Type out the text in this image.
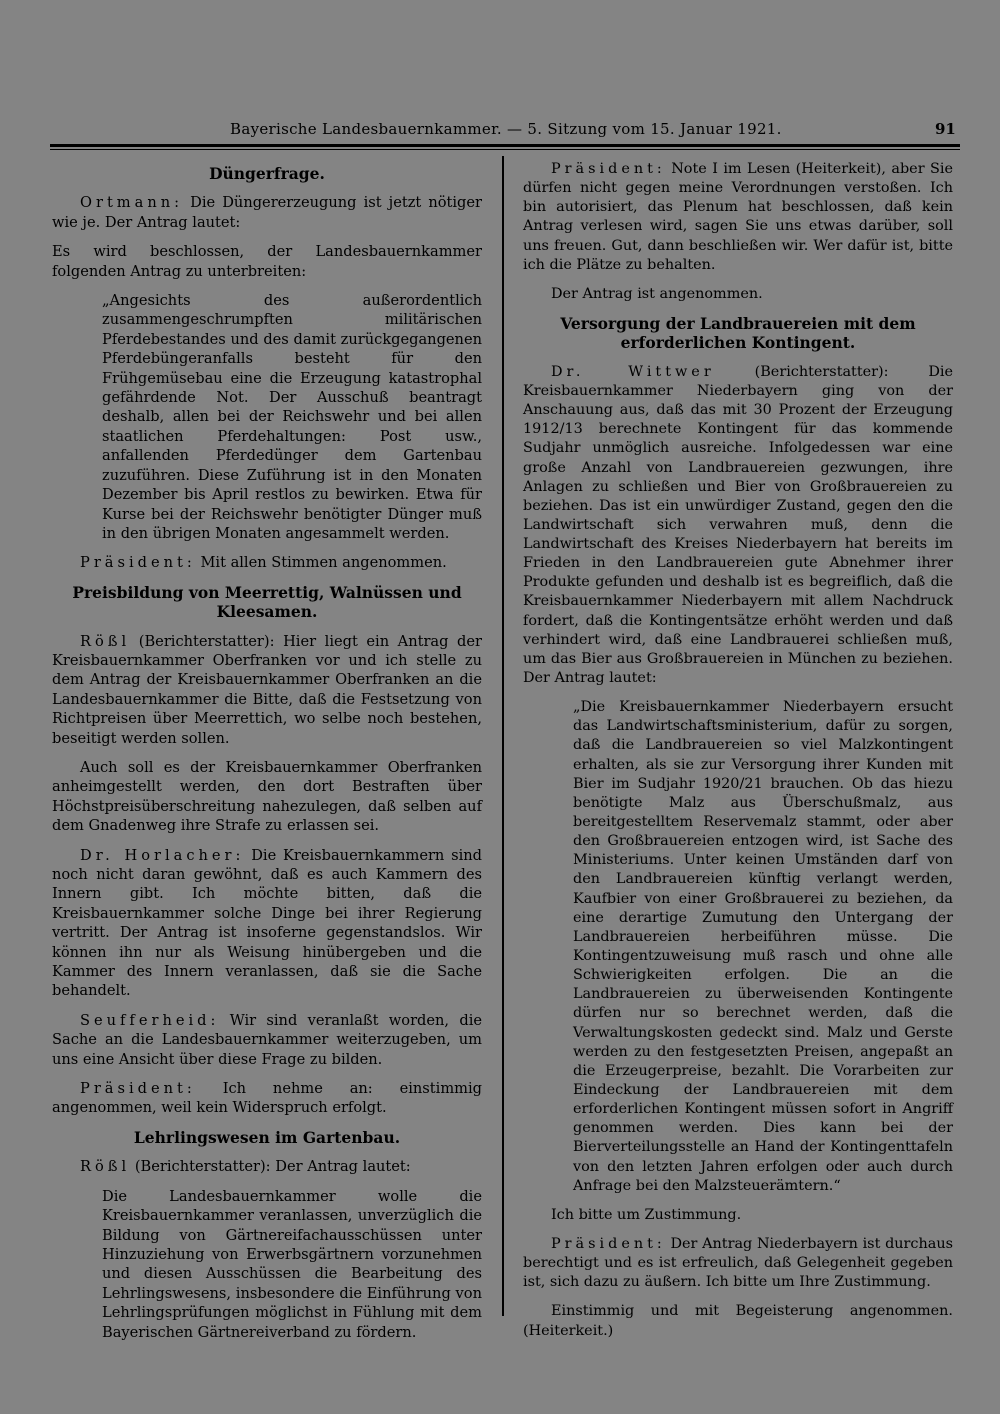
Bayerische Landesbauernkammer. — 5. Sitzung vom 15. Januar 1921.	91
Düngerfrage.

Ortmann: Die Düngererzeugung ist jetzt nötiger wie je. Der Antrag lautet:

Es wird beschlossen, der Landesbauernkammer folgenden Antrag zu unterbreiten:

„Angesichts des außerordentlich zusammengeschrumpften militärischen Pferdebestandes und des damit zurückgegangenen Pferdebüngeranfalls besteht für den Frühgemüsebau eine die Erzeugung katastrophal gefährdende Not. Der Ausschuß beantragt deshalb, allen bei der Reichswehr und bei allen staatlichen Pferdehaltungen: Post usw., anfallenden Pferdedünger dem Gartenbau zuzuführen. Diese Zuführung ist in den Monaten Dezember bis April restlos zu bewirken. Etwa für Kurse bei der Reichswehr benötigter Dünger muß in den übrigen Monaten angesammelt werden.

Präsident: Mit allen Stimmen angenommen.

Preisbildung von Meerrettig, Walnüssen und Kleesamen.

Rößl (Berichterstatter): Hier liegt ein Antrag der Kreisbauernkammer Oberfranken vor und ich stelle zu dem Antrag der Kreisbauernkammer Oberfranken an die Landesbauernkammer die Bitte, daß die Festsetzung von Richtpreisen über Meerrettich, wo selbe noch bestehen, beseitigt werden sollen.

Auch soll es der Kreisbauernkammer Oberfranken anheimgestellt werden, den dort Bestraften über Höchstpreisüberschreitung nahezulegen, daß selben auf dem Gnadenweg ihre Strafe zu erlassen sei.

Dr. Horlacher: Die Kreisbauernkammern sind noch nicht daran gewöhnt, daß es auch Kammern des Innern gibt. Ich möchte bitten, daß die Kreisbauernkammer solche Dinge bei ihrer Regierung vertritt. Der Antrag ist insoferne gegenstandslos. Wir können ihn nur als Weisung hinübergeben und die Kammer des Innern veranlassen, daß sie die Sache behandelt.

Seufferheid: Wir sind veranlaßt worden, die Sache an die Landesbauernkammer weiterzugeben, um uns eine Ansicht über diese Frage zu bilden.

Präsident: Ich nehme an: einstimmig angenommen, weil kein Widerspruch erfolgt.

Lehrlingswesen im Gartenbau.

Rößl (Berichterstatter): Der Antrag lautet:

Die Landesbauernkammer wolle die Kreisbauernkammer veranlassen, unverzüglich die Bildung von Gärtnereifachausschüssen unter Hinzuziehung von Erwerbsgärtnern vorzunehmen und diesen Ausschüssen die Bearbeitung des Lehrlingswesens, insbesondere die Einführung von Lehrlingsprüfungen möglichst in Fühlung mit dem Bayerischen Gärtnereiverband zu fördern.

Präsident: Note I im Lesen (Heiterkeit), aber Sie dürfen nicht gegen meine Verordnungen verstoßen. Ich bin autorisiert, das Plenum hat beschlossen, daß kein Antrag verlesen wird, sagen Sie uns etwas darüber, soll uns freuen. Gut, dann beschließen wir. Wer dafür ist, bitte ich die Plätze zu behalten.

Der Antrag ist angenommen.

Versorgung der Landbrauereien mit dem erforderlichen Kontingent.

Dr. Wittwer	(Berichterstatter): Die Kreisbauernkammer Niederbayern ging von der Anschauung aus, daß das mit 30 Prozent der Erzeugung 1912/13 berechnete Kontingent für das kommende Sudjahr unmöglich ausreiche. Infolgedessen war eine große Anzahl von Landbrauereien gezwungen, ihre Anlagen zu schließen und Bier von Großbrauereien zu beziehen. Das ist ein unwürdiger Zustand, gegen den die Landwirtschaft sich verwahren muß, denn die Landwirtschaft des Kreises Niederbayern hat bereits im Frieden in den Landbrauereien gute Abnehmer ihrer Produkte gefunden und deshalb ist es begreiflich, daß die Kreisbauernkammer Niederbayern mit allem Nachdruck fordert, daß die Kontingentsätze erhöht werden und daß verhindert wird, daß eine Landbrauerei schließen muß, um das Bier aus Großbrauereien in München zu beziehen. Der Antrag lautet:

„Die Kreisbauernkammer Niederbayern ersucht das Landwirtschaftsministerium, dafür zu sorgen, daß die Landbrauereien so viel Malzkontingent erhalten, als sie zur Versorgung ihrer Kunden mit Bier im Sudjahr 1920/21 brauchen. Ob das hiezu benötigte Malz aus Überschußmalz, aus bereitgestelltem Reservemalz stammt, oder aber den Großbrauereien entzogen wird, ist Sache des Ministeriums. Unter keinen Umständen darf von den Landbrauereien künftig verlangt werden, Kaufbier von einer Großbrauerei zu beziehen, da eine derartige Zumutung den Untergang der Landbrauereien herbeiführen müsse. Die Kontingentzuweisung muß rasch und ohne alle Schwierigkeiten erfolgen. Die an die Landbrauereien zu überweisenden Kontingente dürfen nur so berechnet werden, daß die Verwaltungskosten gedeckt sind. Malz und Gerste werden zu den festgesetzten Preisen, angepaßt an die Erzeugerpreise, bezahlt. Die Vorarbeiten zur Eindeckung der Landbrauereien mit dem erforderlichen Kontingent müssen sofort in Angriff genommen werden. Dies kann bei der Bierverteilungsstelle an Hand der Kontingenttafeln von den letzten Jahren erfolgen oder auch durch Anfrage bei den Malzsteuerämtern.“

Ich bitte um Zustimmung.

Präsident: Der Antrag Niederbayern ist durchaus berechtigt und es ist erfreulich, daß Gelegenheit gegeben ist, sich dazu zu äußern. Ich bitte um Ihre Zustimmung.

Einstimmig und mit Begeisterung angenommen. (Heiterkeit.)
